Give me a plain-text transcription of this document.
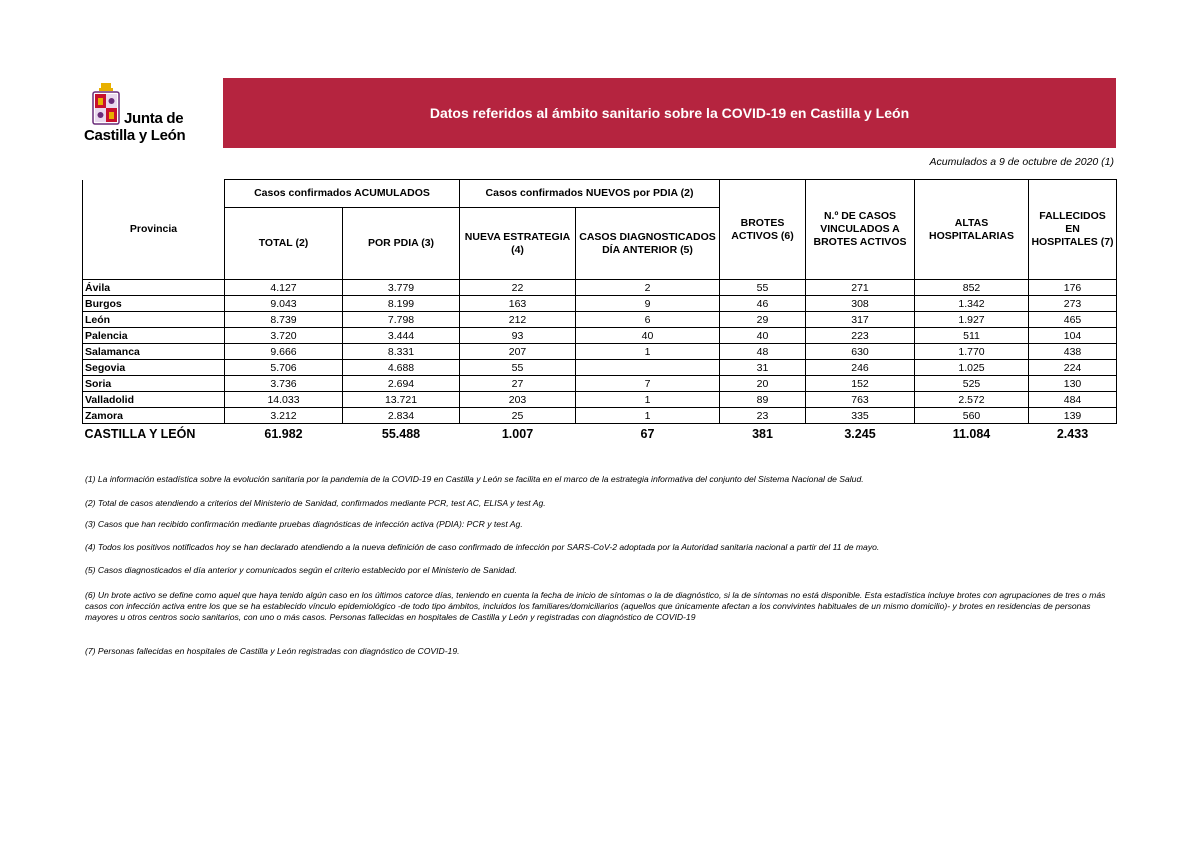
Junta de
Castilla y León
Datos referidos al ámbito sanitario sobre la COVID-19 en Castilla y León
Acumulados a 9 de octubre de 2020 (1)
Provincia	Casos confirmados ACUMULADOS		Casos confirmados NUEVOS por PDIA (2)		BROTES ACTIVOS (6)	N.º DE CASOS VINCULADOS A BROTES ACTIVOS	ALTAS HOSPITALARIAS	FALLECIDOS EN HOSPITALES (7)
	TOTAL (2)	POR PDIA (3)	NUEVA ESTRATEGIA (4)	CASOS DIAGNOSTICADOS DÍA ANTERIOR (5)				
Ávila	4.127	3.779	22	2	55	271	852	176
Burgos	9.043	8.199	163	9	46	308	1.342	273
León	8.739	7.798	212	6	29	317	1.927	465
Palencia	3.720	3.444	93	40	40	223	511	104
Salamanca	9.666	8.331	207	1	48	630	1.770	438
Segovia	5.706	4.688	55		31	246	1.025	224
Soria	3.736	2.694	27	7	20	152	525	130
Valladolid	14.033	13.721	203	1	89	763	2.572	484
Zamora	3.212	2.834	25	1	23	335	560	139
CASTILLA Y LEÓN	61.982	55.488	1.007	67	381	3.245	11.084	2.433

(1) La información estadística sobre la evolución sanitaria por la pandemia de la COVID-19 en Castilla y León se facilita en el marco de la estrategia informativa del conjunto del Sistema Nacional de Salud.

(2) Total de casos atendiendo a criterios del Ministerio de Sanidad, confirmados mediante PCR, test AC, ELISA y test Ag.

(3) Casos que han recibido confirmación mediante pruebas diagnósticas de infección activa (PDIA): PCR y test Ag.

(4) Todos los positivos notificados hoy se han declarado atendiendo a la nueva definición de caso confirmado de infección por SARS-CoV-2 adoptada por la Autoridad sanitaria nacional a partir del 11 de mayo.

(5) Casos diagnosticados el día anterior y comunicados según el criterio establecido por el Ministerio de Sanidad.

(6) Un brote activo se define como aquel que haya tenido algún caso en los últimos catorce días, teniendo en cuenta la fecha de inicio de síntomas o la de diagnóstico, si la de síntomas no está disponible. Esta estadística incluye brotes con agrupaciones de tres o más casos con infección activa entre los que se ha establecido vínculo epidemiológico -de todo tipo ámbitos, incluidos los familiares/domiciliarios (aquellos que únicamente afectan a los convivintes habituales de un mismo domicilio)- y brotes en residencias de personas mayores u otros centros socio sanitarios, con uno o más casos. Personas fallecidas en hospitales de Castilla y León y registradas con diagnóstico de COVID-19

(7) Personas fallecidas en hospitales de Castilla y León registradas con diagnóstico de COVID-19.
